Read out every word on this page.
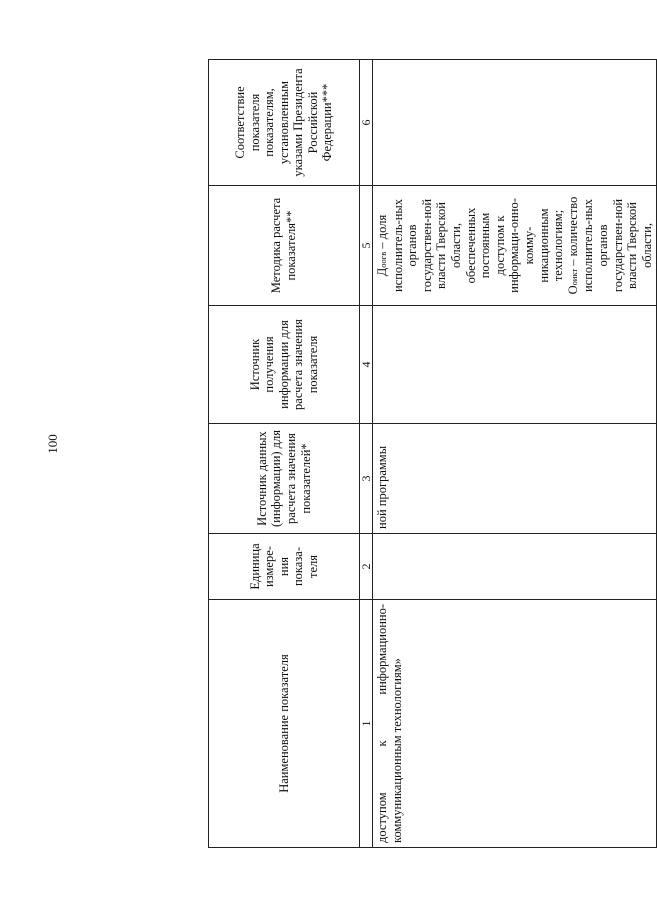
100
Наименование показателя	Единица измере-ния показа-теля	Источник данных (информации) для расчета значения показателей*	Источник получения информации для расчета значения показателя	Методика расчета показателя**	Соответствие показателя показателям, установленным указами Президента Российской Федерации***
1	2	3	4	5	6
доступом к информационно-коммуникационным технологиям»		ной программы		Доогв – доля исполнитель-ных органов государствен-ной власти Тверской области, обеспеченных постоянным доступом к информаци-онно-комму-никационным технологиям;
Ооикт – количество исполнитель-ных органов государствен-ной власти Тверской области,	
